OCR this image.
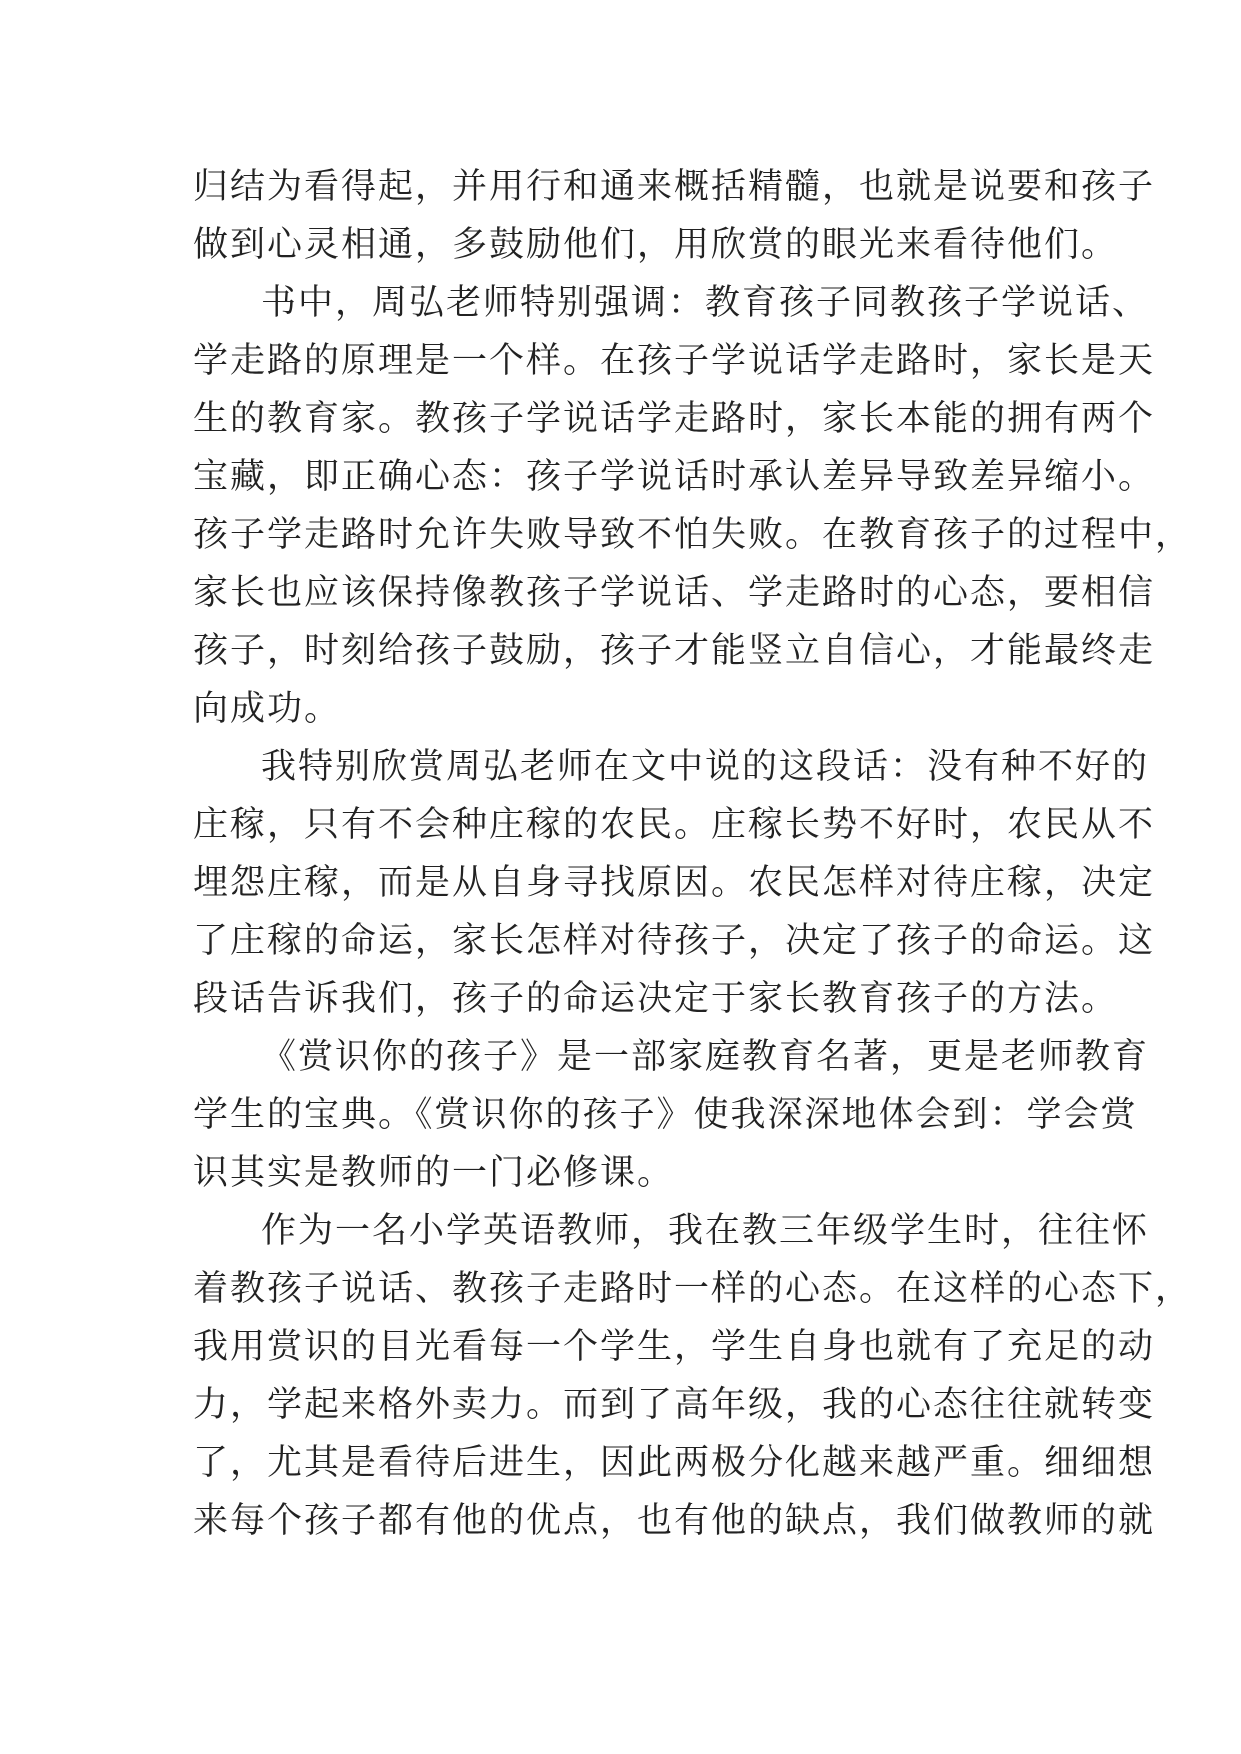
归结为看得起，并用行和通来概括精髓，也就是说要和孩子
做到心灵相通，多鼓励他们，用欣赏的眼光来看待他们。
书中，周弘老师特别强调：教育孩子同教孩子学说话、
学走路的原理是一个样。在孩子学说话学走路时，家长是天
生的教育家。教孩子学说话学走路时，家长本能的拥有两个
宝藏，即正确心态：孩子学说话时承认差异导致差异缩小。
孩子学走路时允许失败导致不怕失败。在教育孩子的过程中，
家长也应该保持像教孩子学说话、学走路时的心态，要相信
孩子，时刻给孩子鼓励，孩子才能竖立自信心，才能最终走
向成功。
我特别欣赏周弘老师在文中说的这段话：没有种不好的
庄稼，只有不会种庄稼的农民。庄稼长势不好时，农民从不
埋怨庄稼，而是从自身寻找原因。农民怎样对待庄稼，决定
了庄稼的命运，家长怎样对待孩子，决定了孩子的命运。这
段话告诉我们，孩子的命运决定于家长教育孩子的方法。
《赏识你的孩子》是一部家庭教育名著，更是老师教育
学生的宝典。《赏识你的孩子》使我深深地体会到：学会赏
识其实是教师的一门必修课。
作为一名小学英语教师，我在教三年级学生时，往往怀
着教孩子说话、教孩子走路时一样的心态。在这样的心态下，
我用赏识的目光看每一个学生，学生自身也就有了充足的动
力，学起来格外卖力。而到了高年级，我的心态往往就转变
了，尤其是看待后进生，因此两极分化越来越严重。细细想
来每个孩子都有他的优点，也有他的缺点，我们做教师的就
